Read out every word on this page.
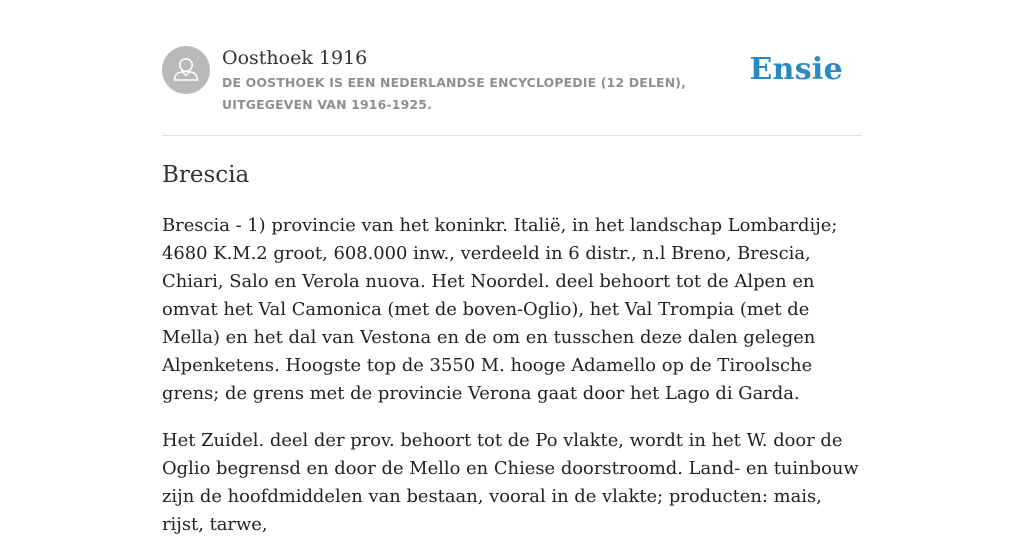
Oosthoek 1916
DE OOSTHOEK IS EEN NEDERLANDSE ENCYCLOPEDIE (12 DELEN), UITGEGEVEN VAN 1916-1925.
Ensie
Brescia

Brescia - 1) provincie van het koninkr. Italië, in het landschap Lombardije; 4680 K.M.2 groot, 608.000 inw., verdeeld in 6 distr., n.l Breno, Brescia, Chiari, Salo en Verola nuova. Het Noordel. deel behoort tot de Alpen en omvat het Val Camonica (met de boven-Oglio), het Val Trompia (met de Mella) en het dal van Vestona en de om en tusschen deze dalen gelegen Alpenketens. Hoogste top de 3550 M. hooge Adamello op de Tiroolsche grens; de grens met de provincie Verona gaat door het Lago di Garda.

Het Zuidel. deel der prov. behoort tot de Po vlakte, wordt in het W. door de Oglio begrensd en door de Mello en Chiese doorstroomd. Land- en tuinbouw zijn de hoofdmiddelen van bestaan, vooral in de vlakte; producten: mais, rijst, tarwe,
